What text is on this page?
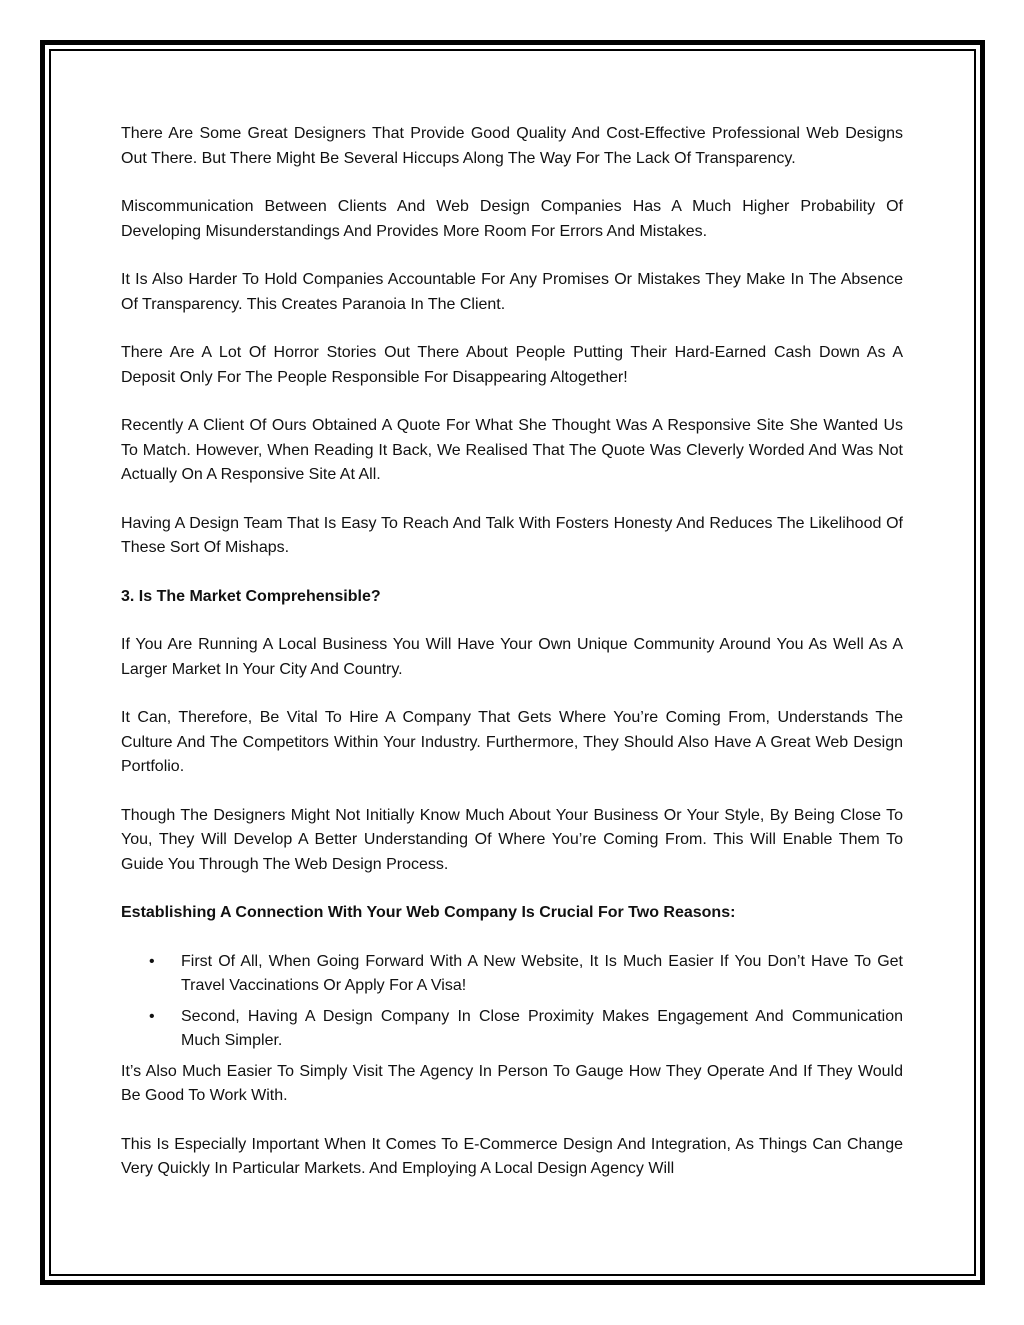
There Are Some Great Designers That Provide Good Quality And Cost-Effective Professional Web Designs Out There. But There Might Be Several Hiccups Along The Way For The Lack Of Transparency.

Miscommunication Between Clients And Web Design Companies Has A Much Higher Probability Of Developing Misunderstandings And Provides More Room For Errors And Mistakes.

It Is Also Harder To Hold Companies Accountable For Any Promises Or Mistakes They Make In The Absence Of Transparency. This Creates Paranoia In The Client.

There Are A Lot Of Horror Stories Out There About People Putting Their Hard-Earned Cash Down As A Deposit Only For The People Responsible For Disappearing Altogether!

Recently A Client Of Ours Obtained A Quote For What She Thought Was A Responsive Site She Wanted Us To Match. However, When Reading It Back, We Realised That The Quote Was Cleverly Worded And Was Not Actually On A Responsive Site At All.

Having A Design Team That Is Easy To Reach And Talk With Fosters Honesty And Reduces The Likelihood Of These Sort Of Mishaps.

3. Is The Market Comprehensible?

If You Are Running A Local Business You Will Have Your Own Unique Community Around You As Well As A Larger Market In Your City And Country.

It Can, Therefore, Be Vital To Hire A Company That Gets Where You’re Coming From, Understands The Culture And The Competitors Within Your Industry. Furthermore, They Should Also Have A Great Web Design Portfolio.

Though The Designers Might Not Initially Know Much About Your Business Or Your Style, By Being Close To You, They Will Develop A Better Understanding Of Where You’re Coming From. This Will Enable Them To Guide You Through The Web Design Process.

Establishing A Connection With Your Web Company Is Crucial For Two Reasons:
• First Of All, When Going Forward With A New Website, It Is Much Easier If You Don’t Have To Get Travel Vaccinations Or Apply For A Visa!
• Second, Having A Design Company In Close Proximity Makes Engagement And Communication Much Simpler.

It’s Also Much Easier To Simply Visit The Agency In Person To Gauge How They Operate And If They Would Be Good To Work With.

This Is Especially Important When It Comes To E-Commerce Design And Integration, As Things Can Change Very Quickly In Particular Markets. And Employing A Local Design Agency Will
